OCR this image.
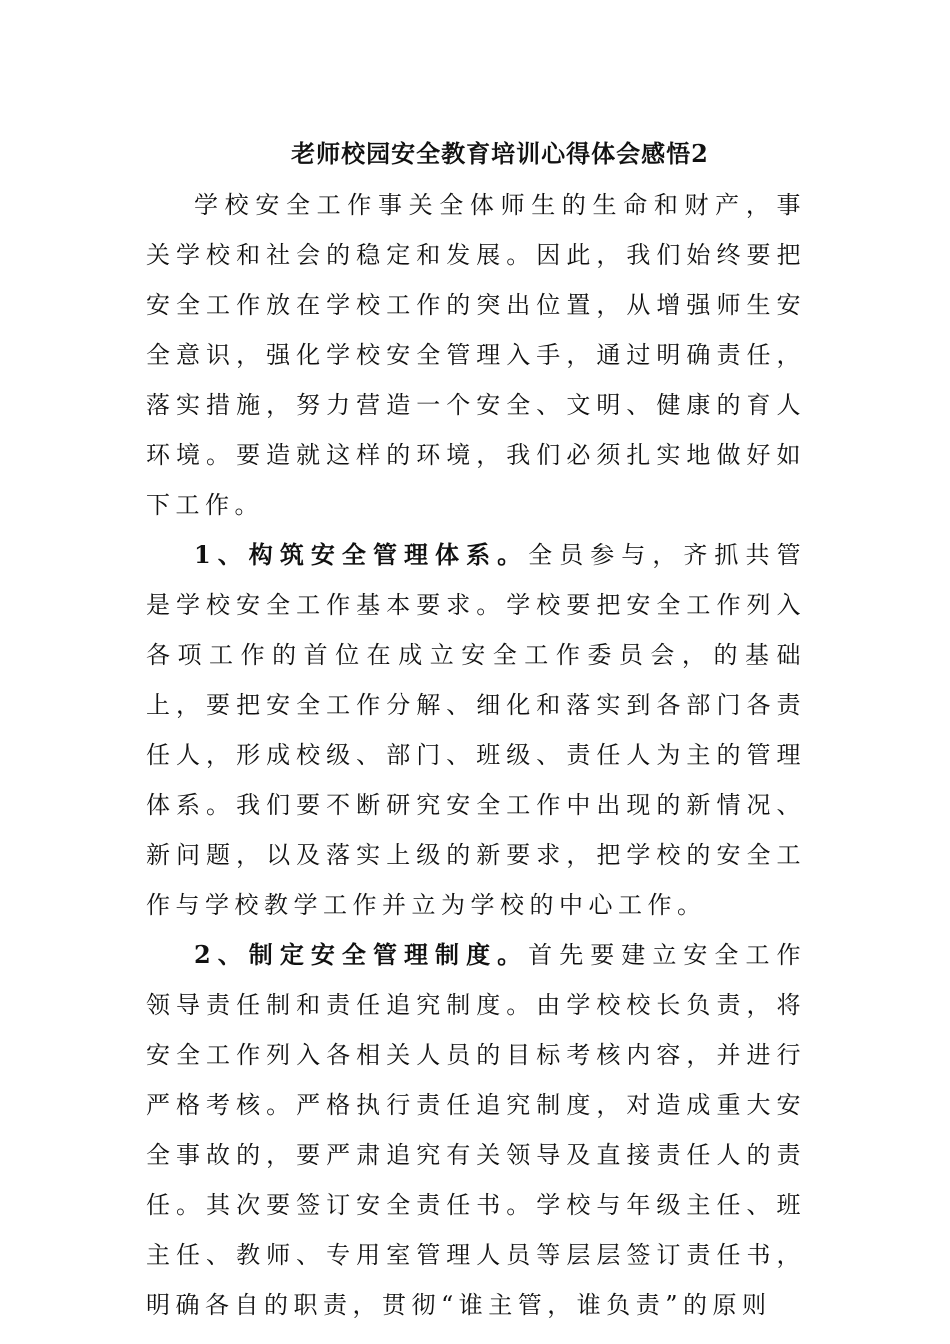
老师校园安全教育培训心得体会感悟2

学校安全工作事关全体师生的生命和财产，事关学校和社会的稳定和发展。因此，我们始终要把安全工作放在学校工作的突出位置，从增强师生安全意识，强化学校安全管理入手，通过明确责任，落实措施，努力营造一个安全、文明、健康的育人环境。要造就这样的环境，我们必须扎实地做好如下工作。

1、构筑安全管理体系。全员参与，齐抓共管是学校安全工作基本要求。学校要把安全工作列入各项工作的首位在成立安全工作委员会，的基础上，要把安全工作分解、细化和落实到各部门各责任人，形成校级、部门、班级、责任人为主的管理体系。我们要不断研究安全工作中出现的新情况、新问题，以及落实上级的新要求，把学校的安全工作与学校教学工作并立为学校的中心工作。

2、制定安全管理制度。首先要建立安全工作领导责任制和责任追究制度。由学校校长负责，将安全工作列入各相关人员的目标考核内容，并进行严格考核。严格执行责任追究制度，对造成重大安全事故的，要严肃追究有关领导及直接责任人的责任。其次要签订安全责任书。学校与年级主任、班主任、教师、专用室管理人员等层层签订责任书，明确各自的职责，贯彻“谁主管，谁负责”的原则
